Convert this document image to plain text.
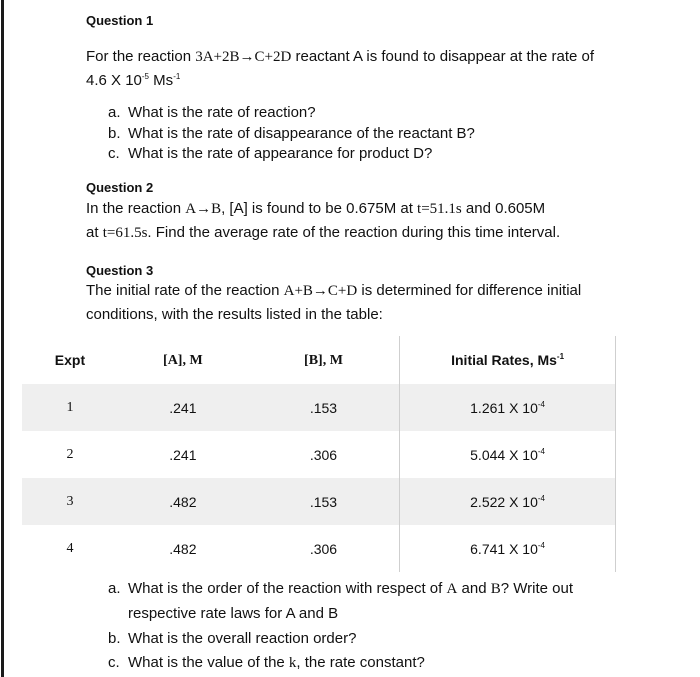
Question 1
For the reaction 3A+2B→C+2D reactant A is found to disappear at the rate of
4.6 X $10^{-5}$ $Ms^{-1}$
a. What is the rate of reaction?
b. What is the rate of disappearance of the reactant B?
c. What is the rate of appearance for product D?
Question 2
In the reaction A→B, [A] is found to be 0.675M at t=51.1s and 0.605M
at t=61.5s. Find the average rate of the reaction during this time interval.
Question 3
The initial rate of the reaction A+B→C+D is determined for difference initial
conditions, with the results listed in the table:
Expt	[A], M	[B], M	Initial Rates, $Ms^{-1}$
1	.241	.153	1.261 X $10^{-4}$
2	.241	.306	5.044 X $10^{-4}$
3	.482	.153	2.522 X $10^{-4}$
4	.482	.306	6.741 X $10^{-4}$
a. What is the order of the reaction with respect of A and B? Write out
respective rate laws for A and B
b. What is the overall reaction order?
c. What is the value of the k, the rate constant?
